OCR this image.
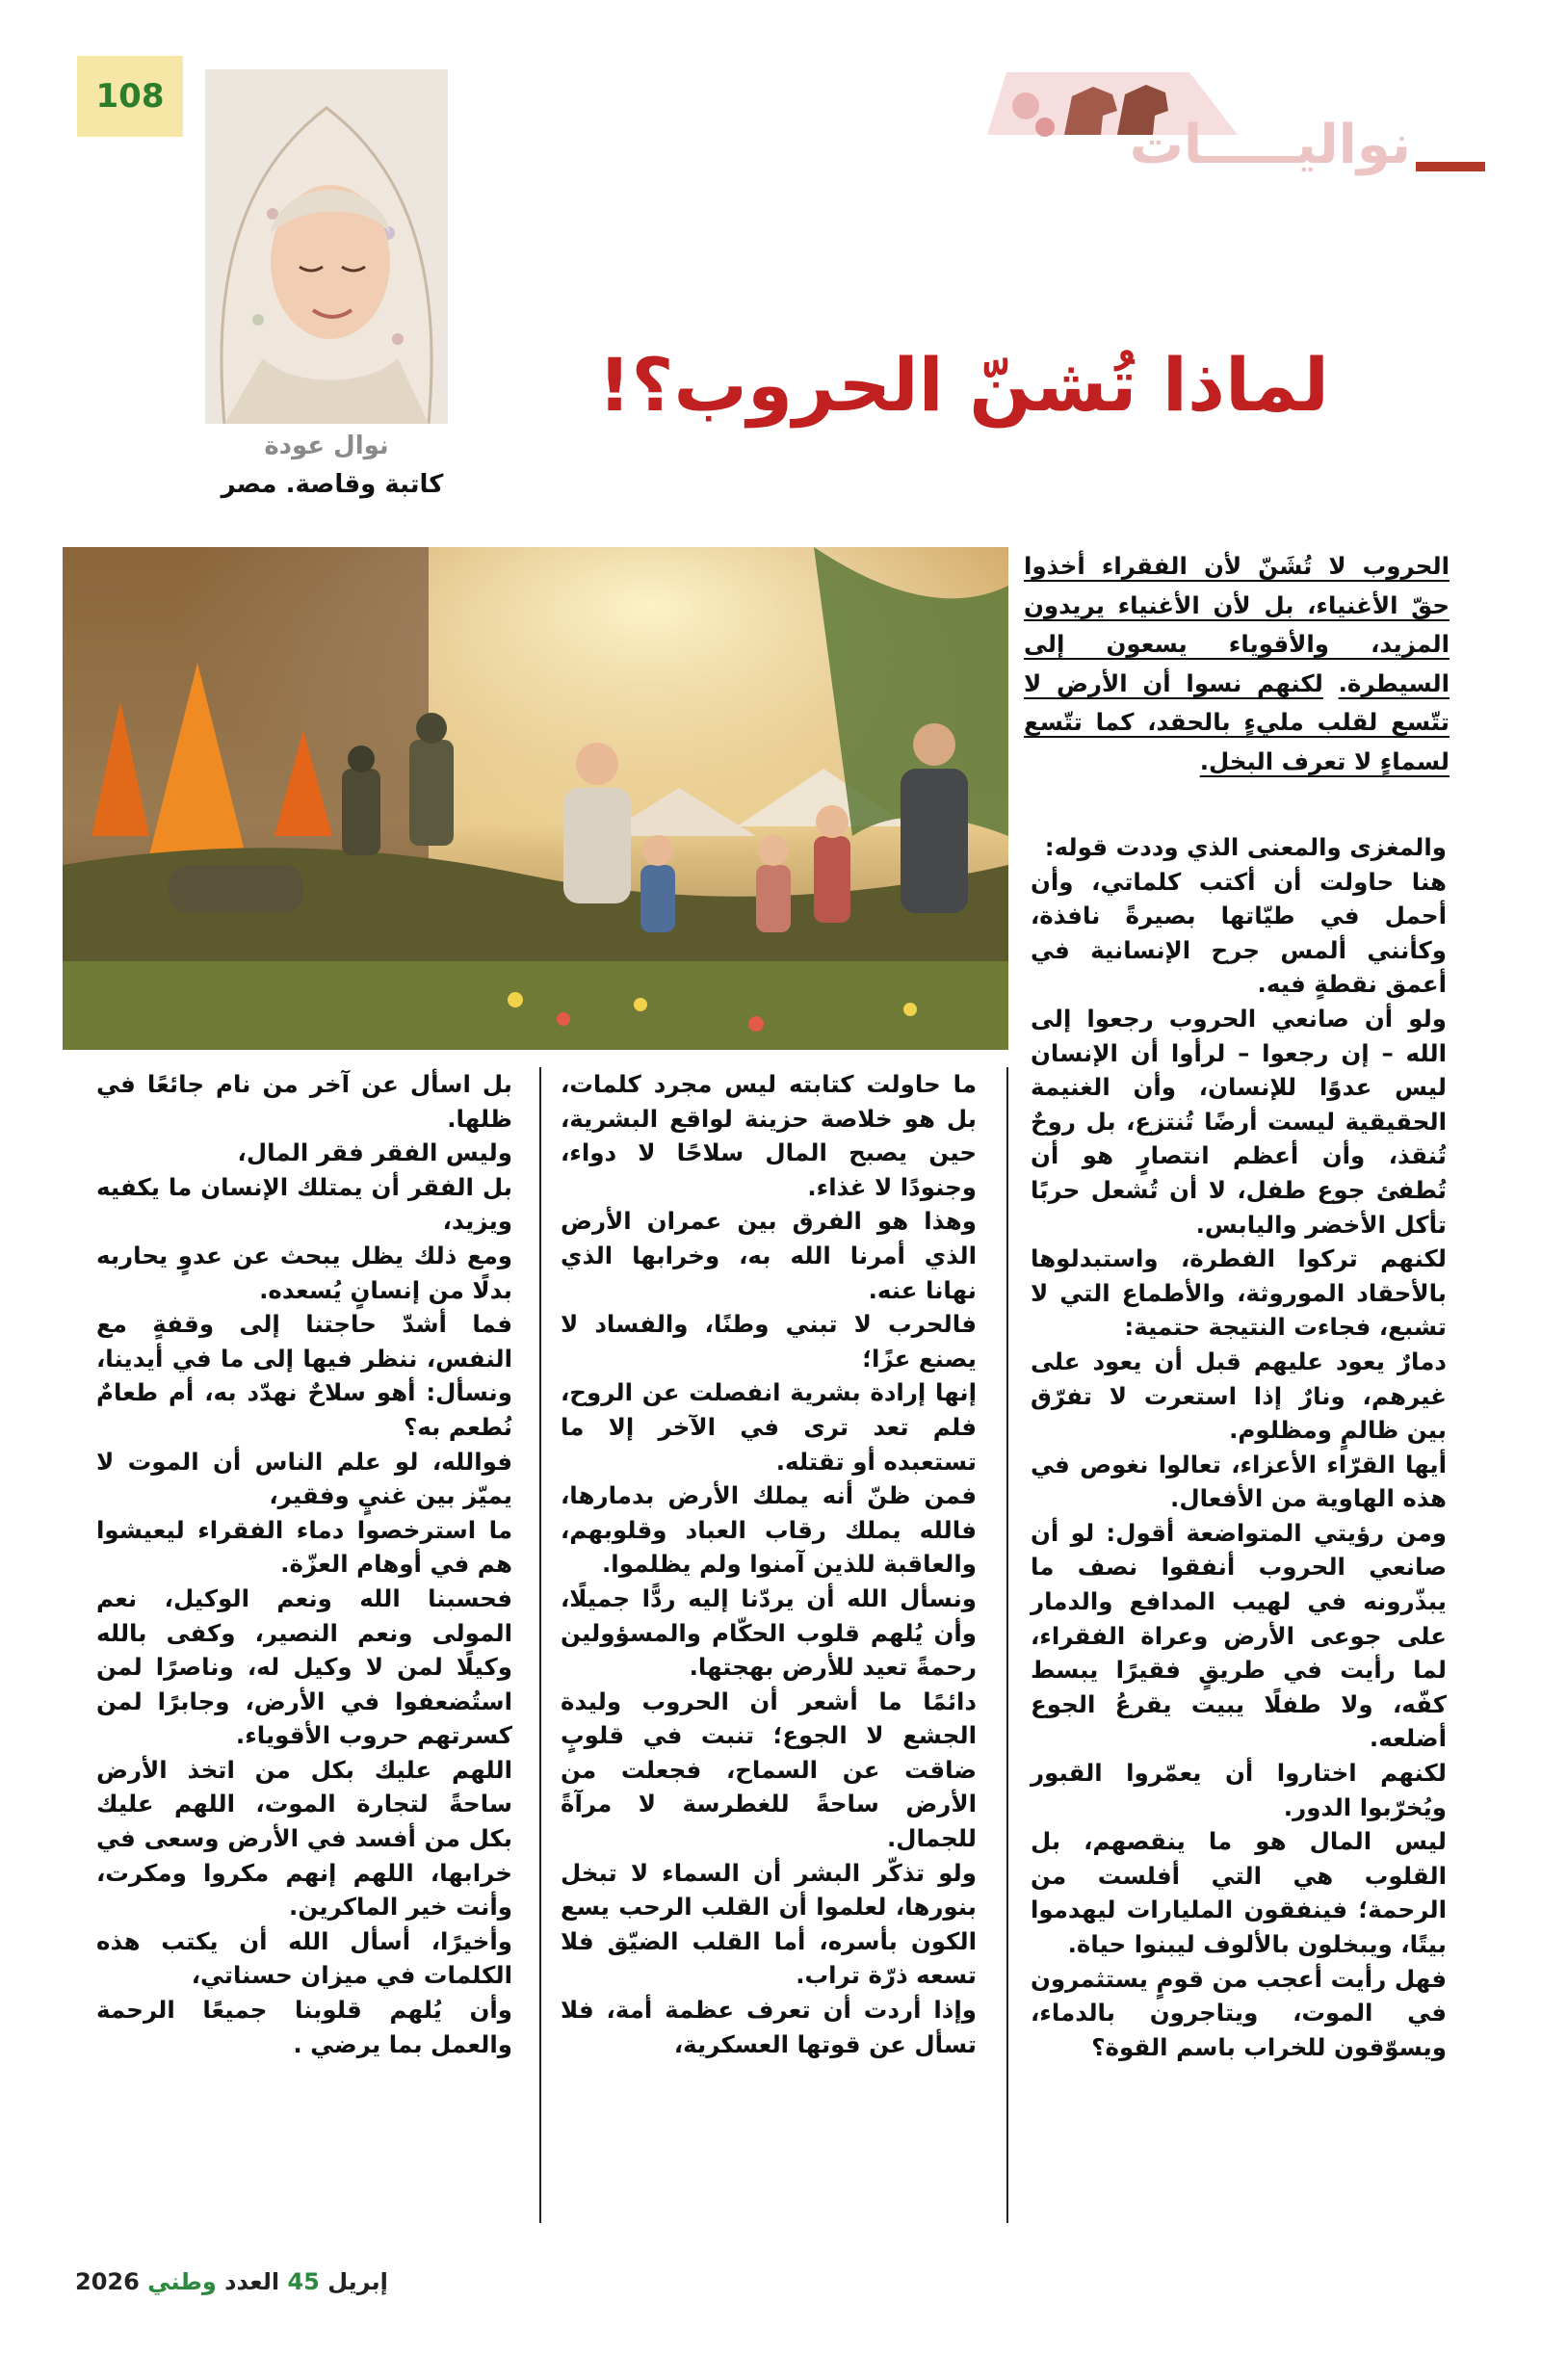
108
نوال عودة
كاتبة وقاصة. مصر
نواليـــــات
لماذا تُشنّ الحروب؟!
الحروب لا تُشَنّ لأن الفقراء أخذوا حقّ الأغنياء، بل لأن الأغنياء يريدون المزيد، والأقوياء يسعون إلى السيطرة. لكنهم نسوا أن الأرض لا تتّسع لقلب مليءٍ بالحقد، كما تتّسع لسماءٍ لا تعرف البخل.

والمغزى والمعنى الذي وددت قوله:

هنا حاولت أن أكتب كلماتي، وأن أحمل في طيّاتها بصيرةً نافذة، وكأنني ألمس جرح الإنسانية في أعمق نقطةٍ فيه.

ولو أن صانعي الحروب رجعوا إلى الله – إن رجعوا – لرأوا أن الإنسان ليس عدوًا للإنسان، وأن الغنيمة الحقيقية ليست أرضًا تُنتزع، بل روحٌ تُنقذ، وأن أعظم انتصارٍ هو أن تُطفئ جوع طفل، لا أن تُشعل حربًا تأكل الأخضر واليابس.

لكنهم تركوا الفطرة، واستبدلوها بالأحقاد الموروثة، والأطماع التي لا تشبع، فجاءت النتيجة حتمية:

دمارٌ يعود عليهم قبل أن يعود على غيرهم، ونارٌ إذا استعرت لا تفرّق بين ظالمٍ ومظلوم.

أيها القرّاء الأعزاء، تعالوا نغوص في هذه الهاوية من الأفعال.

ومن رؤيتي المتواضعة أقول: لو أن صانعي الحروب أنفقوا نصف ما يبذّرونه في لهيب المدافع والدمار على جوعى الأرض وعراة الفقراء، لما رأيت في طريقٍ فقيرًا يبسط كفّه، ولا طفلًا يبيت يقرعُ الجوع أضلعه.

لكنهم اختاروا أن يعمّروا القبور ويُخرّبوا الدور.

ليس المال هو ما ينقصهم، بل القلوب هي التي أفلست من الرحمة؛ فينفقون المليارات ليهدموا بيتًا، ويبخلون بالألوف ليبنوا حياة.

فهل رأيت أعجب من قومٍ يستثمرون في الموت، ويتاجرون بالدماء، ويسوّقون للخراب باسم القوة؟

ما حاولت كتابته ليس مجرد كلمات، بل هو خلاصة حزينة لواقع البشرية، حين يصبح المال سلاحًا لا دواء، وجنودًا لا غذاء.

وهذا هو الفرق بين عمران الأرض الذي أمرنا الله به، وخرابها الذي نهانا عنه.

فالحرب لا تبني وطنًا، والفساد لا يصنع عزًا؛

إنها إرادة بشرية انفصلت عن الروح، فلم تعد ترى في الآخر إلا ما تستعبده أو تقتله.

فمن ظنّ أنه يملك الأرض بدمارها، فالله يملك رقاب العباد وقلوبهم، والعاقبة للذين آمنوا ولم يظلموا.

ونسأل الله أن يردّنا إليه ردًّا جميلًا، وأن يُلهم قلوب الحكّام والمسؤولين رحمةً تعيد للأرض بهجتها.

دائمًا ما أشعر أن الحروب وليدة الجشع لا الجوع؛ تنبت في قلوبٍ ضاقت عن السماح، فجعلت من الأرض ساحةً للغطرسة لا مرآةً للجمال.

ولو تذكّر البشر أن السماء لا تبخل بنورها، لعلموا أن القلب الرحب يسع الكون بأسره، أما القلب الضيّق فلا تسعه ذرّة تراب.

وإذا أردت أن تعرف عظمة أمة، فلا تسأل عن قوتها العسكرية،

بل اسأل عن آخر من نام جائعًا في ظلها.

وليس الفقر فقر المال،

بل الفقر أن يمتلك الإنسان ما يكفيه ويزيد،

ومع ذلك يظل يبحث عن عدوٍ يحاربه بدلًا من إنسانٍ يُسعده.

فما أشدّ حاجتنا إلى وقفةٍ مع النفس، ننظر فيها إلى ما في أيدينا، ونسأل: أهو سلاحٌ نهدّد به، أم طعامٌ نُطعم به؟

فوالله، لو علم الناس أن الموت لا يميّز بين غنيٍ وفقير،

ما استرخصوا دماء الفقراء ليعيشوا هم في أوهام العزّة.

فحسبنا الله ونعم الوكيل، نعم المولى ونعم النصير، وكفى بالله وكيلًا لمن لا وكيل له، وناصرًا لمن استُضعفوا في الأرض، وجابرًا لمن كسرتهم حروب الأقوياء.

اللهم عليك بكل من اتخذ الأرض ساحةً لتجارة الموت، اللهم عليك بكل من أفسد في الأرض وسعى في خرابها، اللهم إنهم مكروا ومكرت، وأنت خير الماكرين.

وأخيرًا، أسأل الله أن يكتب هذه الكلمات في ميزان حسناتي،

وأن يُلهم قلوبنا جميعًا الرحمة والعمل بما يرضي .

2026	إبريل 45 العدد وطني
